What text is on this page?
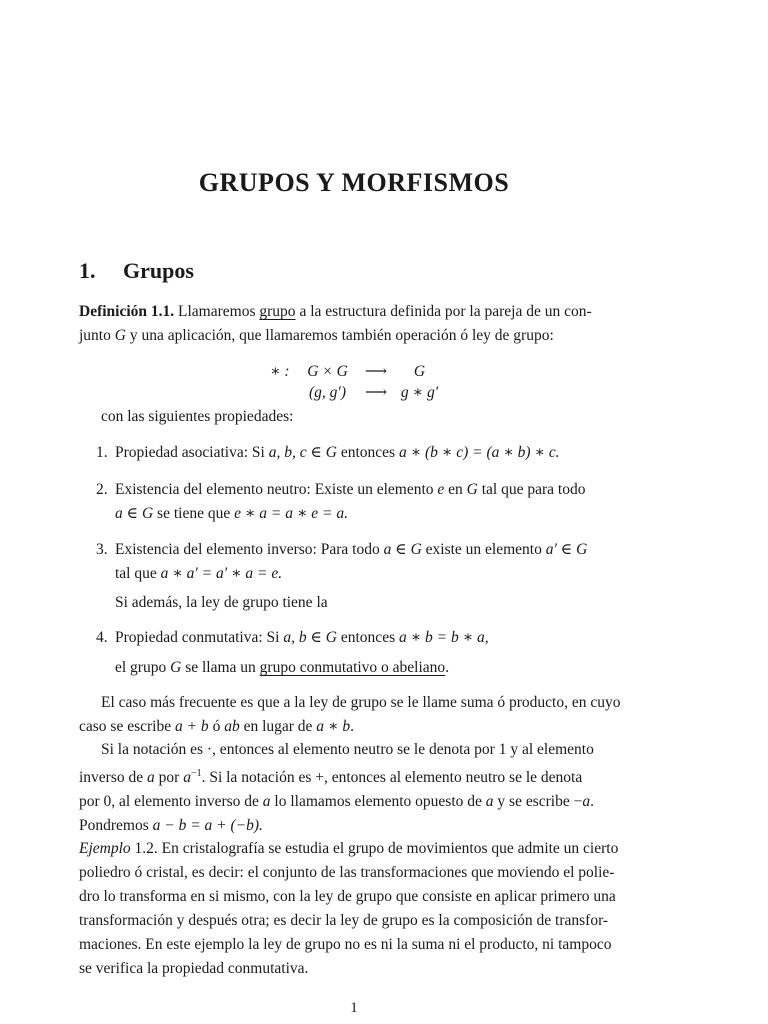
GRUPOS Y MORFISMOS
1. Grupos
Definición 1.1. Llamaremos grupo a la estructura definida por la pareja de un con-
junto G y una aplicación, que llamaremos también operación ó ley de grupo:
∗ : G × G ⟶ G
(g, g′) ⟶ g ∗ g′
con las siguientes propiedades:
1. Propiedad asociativa: Si a, b, c ∈ G entonces a ∗ (b ∗ c) = (a ∗ b) ∗ c.
2. Existencia del elemento neutro: Existe un elemento e en G tal que para todo
a ∈ G se tiene que e ∗ a = a ∗ e = a.
3. Existencia del elemento inverso: Para todo a ∈ G existe un elemento a′ ∈ G
tal que a ∗ a′ = a′ ∗ a = e.
Si además, la ley de grupo tiene la
4. Propiedad conmutativa: Si a, b ∈ G entonces a ∗ b = b ∗ a,
el grupo G se llama un grupo conmutativo o abeliano.
El caso más frecuente es que a la ley de grupo se le llame suma ó producto, en cuyo
caso se escribe a + b ó ab en lugar de a ∗ b.
Si la notación es ·, entonces al elemento neutro se le denota por 1 y al elemento
inverso de a por $a^{-1}$. Si la notación es +, entonces al elemento neutro se le denota
por 0, al elemento inverso de a lo llamamos elemento opuesto de a y se escribe −a.
Pondremos a − b = a + (−b).
Ejemplo 1.2. En cristalografía se estudia el grupo de movimientos que admite un cierto
poliedro ó cristal, es decir: el conjunto de las transformaciones que moviendo el polie-
dro lo transforma en si mismo, con la ley de grupo que consiste en aplicar primero una
transformación y después otra; es decir la ley de grupo es la composición de transfor-
maciones. En este ejemplo la ley de grupo no es ni la suma ni el producto, ni tampoco
se verifica la propiedad conmutativa.
1
